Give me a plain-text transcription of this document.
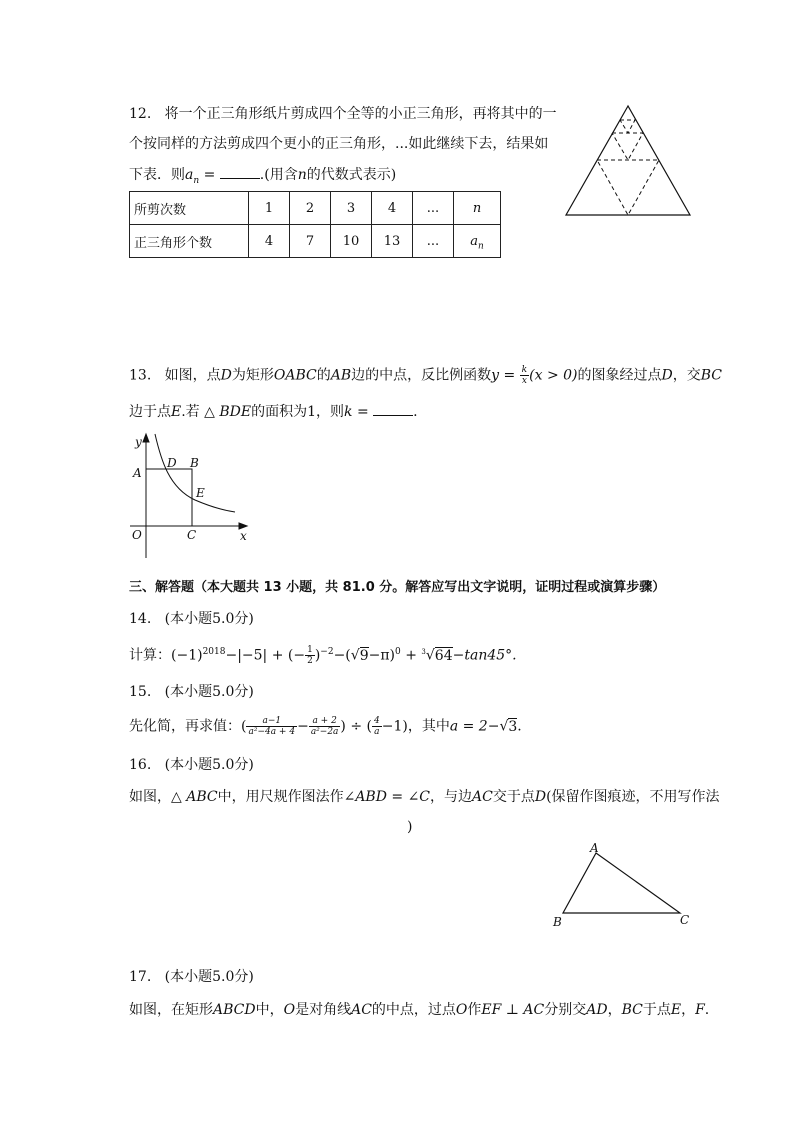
12. 将一个正三角形纸片剪成四个全等的小正三角形，再将其中的一
个按同样的方法剪成四个更小的正三角形，...如此继续下去，结果如
下表．则$a_n$ =	.(用含n的代数式表示)
所剪次数	1	2	3	4	...	n
正三角形个数	4	7	10	13	...	$a_n$
13. 如图，点D为矩形OABC的AB边的中点，反比例函数$y = \frac{k}{x} (x > 0)$的图象经过点D，交BC
边于点E.若 △ BDE的面积为1，则k =	.
y
A
D B
E
O	C	x
三、解答题（本大题共 13 小题，共 81.0 分。解答应写出文字说明，证明过程或演算步骤）
14. (本小题5.0分)
计算：$(-1)^{2018}-|-5|$ + (− $\frac{1}{2} )^{-2}-(√9-\pi)^0 + ^3√64-\tan 45^\circ$.
15. (本小题5.0分)
先化简，再求值：( $\frac{a-1}{\text{a²−4a + 4}} - \frac{a + 2}{\text{a²−2a}}$ ) ÷ ( $\frac{4}{a} -1$)，其中a = 2−√3.
16. (本小题5.0分)
如图，△ ABC中，用尺规作图法作∠ABD = ∠C，与边AC交于点D(保留作图痕迹，不用写作法
)
A
B	C
17. (本小题5.0分)
如图，在矩形ABCD中，O是对角线AC的中点，过点O作EF ⊥ AC分别交AD，BC于点E，F.
